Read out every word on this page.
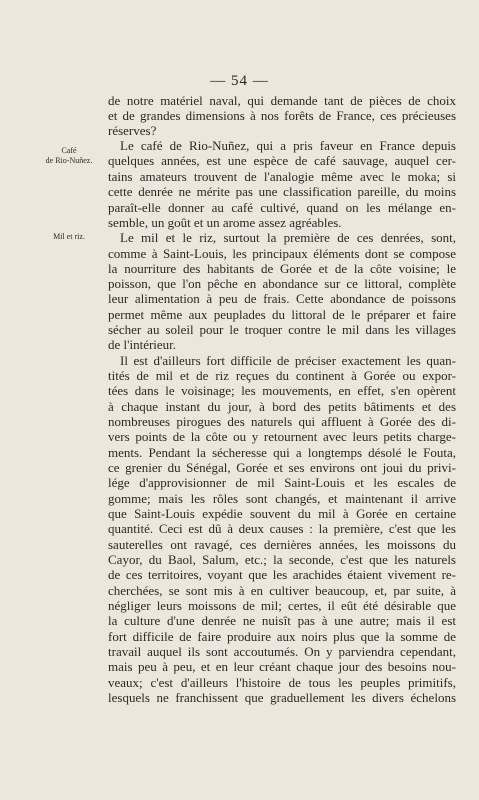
— 54 —
Café
de Rio-Nuñez.
Mil et riz.
de notre matériel naval, qui demande tant de pièces de choix
et de grandes dimensions à nos forêts de France, ces précieuses
réserves?
Le café de Rio-Nuñez, qui a pris faveur en France depuis
quelques années, est une espèce de café sauvage, auquel cer-
tains amateurs trouvent de l'analogie même avec le moka; si
cette denrée ne mérite pas une classification pareille, du moins
paraît-elle donner au café cultivé, quand on les mélange en-
semble, un goût et un arome assez agréables.
Le mil et le riz, surtout la première de ces denrées, sont,
comme à Saint-Louis, les principaux éléments dont se compose
la nourriture des habitants de Gorée et de la côte voisine; le
poisson, que l'on pêche en abondance sur ce littoral, complète
leur alimentation à peu de frais. Cette abondance de poissons
permet même aux peuplades du littoral de le préparer et faire
sécher au soleil pour le troquer contre le mil dans les villages
de l'intérieur.
Il est d'ailleurs fort difficile de préciser exactement les quan-
tités de mil et de riz reçues du continent à Gorée ou expor-
tées dans le voisinage; les mouvements, en effet, s'en opèrent
à chaque instant du jour, à bord des petits bâtiments et des
nombreuses pirogues des naturels qui affluent à Gorée des di-
vers points de la côte ou y retournent avec leurs petits charge-
ments. Pendant la sécheresse qui a longtemps désolé le Fouta,
ce grenier du Sénégal, Gorée et ses environs ont joui du privi-
lége d'approvisionner de mil Saint-Louis et les escales de
gomme; mais les rôles sont changés, et maintenant il arrive
que Saint-Louis expédie souvent du mil à Gorée en certaine
quantité. Ceci est dû à deux causes : la première, c'est que les
sauterelles ont ravagé, ces dernières années, les moissons du
Cayor, du Baol, Salum, etc.; la seconde, c'est que les naturels
de ces territoires, voyant que les arachides étaient vivement re-
cherchées, se sont mis à en cultiver beaucoup, et, par suite, à
négliger leurs moissons de mil; certes, il eût été désirable que
la culture d'une denrée ne nuisît pas à une autre; mais il est
fort difficile de faire produire aux noirs plus que la somme de
travail auquel ils sont accoutumés. On y parviendra cependant,
mais peu à peu, et en leur créant chaque jour des besoins nou-
veaux; c'est d'ailleurs l'histoire de tous les peuples primitifs,
lesquels ne franchissent que graduellement les divers échelons
